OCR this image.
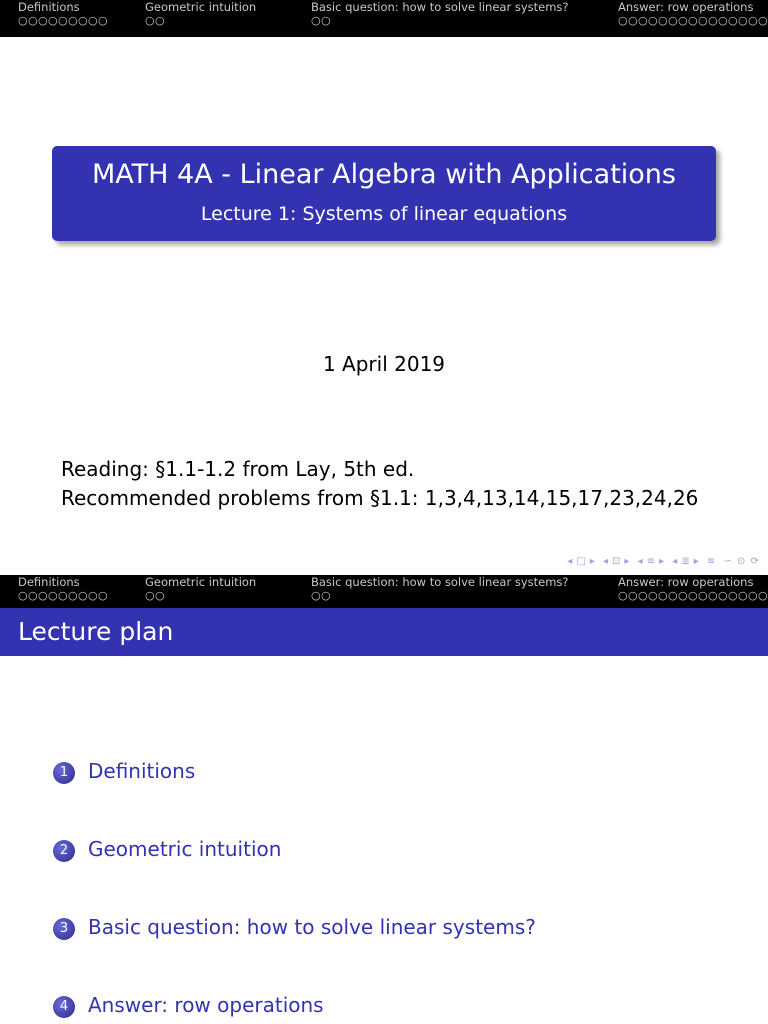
Definitions
○○○○○○○○○
Geometric intuition
○○
Basic question: how to solve linear systems?
○○
Answer: row operations
○○○○○○○○○○○○○○○
MATH 4A - Linear Algebra with Applications
Lecture 1: Systems of linear equations
1 April 2019
Reading: §1.1-1.2 from Lay, 5th ed.
Recommended problems from §1.1: 1,3,4,13,14,15,17,23,24,26
◂ □ ▸ ◂ ⊡ ▸ ◂ ≡ ▸ ◂ ≣ ▸ ≡ ∽ ⊙ ⟳
Definitions
○○○○○○○○○
Geometric intuition
○○
Basic question: how to solve linear systems?
○○
Answer: row operations
○○○○○○○○○○○○○○○
Lecture plan
1 Definitions
2 Geometric intuition
3 Basic question: how to solve linear systems?
4 Answer: row operations
